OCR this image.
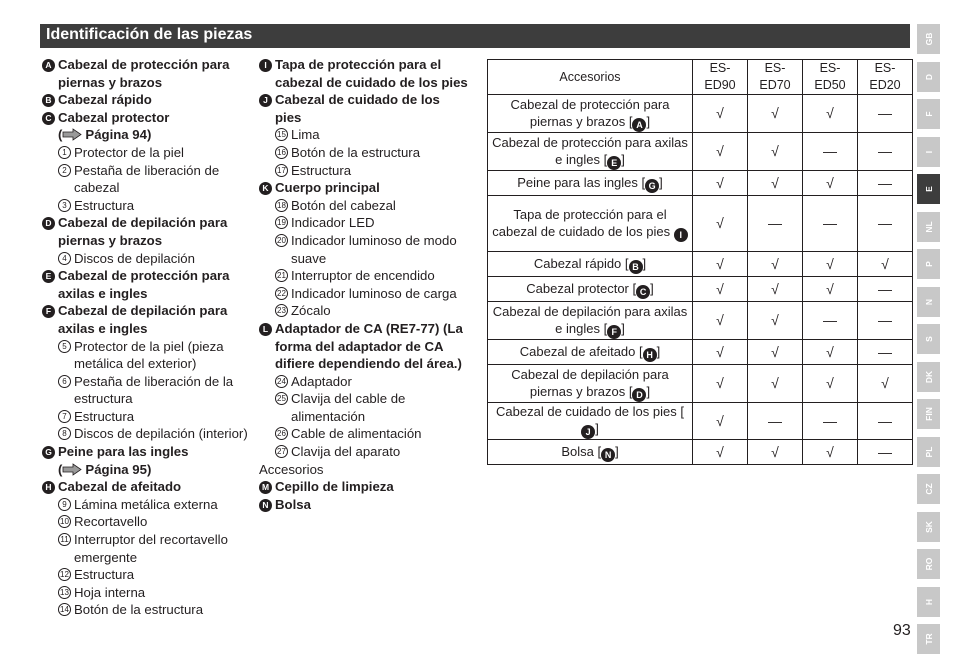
Identificación de las piezas
A Cabezal de protección para piernas y brazos
B Cabezal rápido
C Cabezal protector
( Página 94)
1 Protector de la piel
2 Pestaña de liberación de cabezal
3 Estructura
D Cabezal de depilación para piernas y brazos
4 Discos de depilación
E Cabezal de protección para axilas e ingles
F Cabezal de depilación para axilas e ingles
5 Protector de la piel (pieza metálica del exterior)
6 Pestaña de liberación de la estructura
7 Estructura
8 Discos de depilación (interior)
G Peine para las ingles
( Página 95)
H Cabezal de afeitado
9 Lámina metálica externa
10 Recortavello
11 Interruptor del recortavello emergente
12 Estructura
13 Hoja interna
14 Botón de la estructura
I Tapa de protección para el cabezal de cuidado de los pies
J Cabezal de cuidado de los pies
15 Lima
16 Botón de la estructura
17 Estructura
K Cuerpo principal
18 Botón del cabezal
19 Indicador LED
20 Indicador luminoso de modo suave
21 Interruptor de encendido
22 Indicador luminoso de carga
23 Zócalo
L Adaptador de CA (RE7-77) (La forma del adaptador de CA difiere dependiendo del área.)
24 Adaptador
25 Clavija del cable de alimentación
26 Cable de alimentación
27 Clavija del aparato
Accesorios
M Cepillo de limpieza
N Bolsa
Accesorios	ES-ED90	ES-ED70	ES-ED50	ES-ED20
Cabezal de protección para piernas y brazos [ A ]	√	√	√	—
Cabezal de protección para axilas e ingles [ E ]	√	√	—	—
Peine para las ingles [ G ]	√	√	√	—
Tapa de protección para el cabezal de cuidado de los pies I	√	—	—	—
Cabezal rápido [ B ]	√	√	√	√
Cabezal protector [ C ]	√	√	√	—
Cabezal de depilación para axilas e ingles [ F ]	√	√	—	—
Cabezal de afeitado [ H ]	√	√	√	—
Cabezal de depilación para piernas y brazos [ D ]	√	√	√	√
Cabezal de cuidado de los pies [J ]	√	—	—	—
Bolsa [ N ]	√	√	√	—
GB
D
F
I
E
NL
P
N
S
DK
FIN
PL
CZ
SK
RO
H
TR
93
